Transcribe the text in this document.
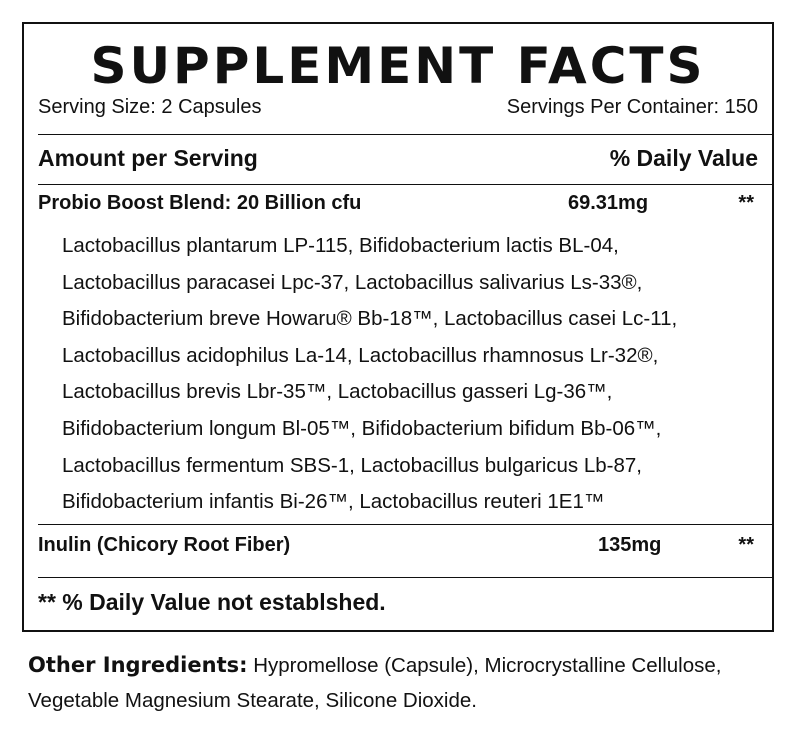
SUPPLEMENT FACTS
Serving Size: 2 Capsules	Servings Per Container: 150
Amount per Serving	% Daily Value
Probio Boost Blend: 20 Billion cfu	69.31mg	**
Lactobacillus plantarum LP-115, Bifidobacterium lactis BL-04,
Lactobacillus paracasei Lpc-37, Lactobacillus salivarius Ls-33®,
Bifidobacterium breve Howaru® Bb-18™, Lactobacillus casei Lc-11,
Lactobacillus acidophilus La-14, Lactobacillus rhamnosus Lr-32®,
Lactobacillus brevis Lbr-35™, Lactobacillus gasseri Lg-36™,
Bifidobacterium longum Bl-05™, Bifidobacterium bifidum Bb-06™,
Lactobacillus fermentum SBS-1, Lactobacillus bulgaricus Lb-87,
Bifidobacterium infantis Bi-26™, Lactobacillus reuteri 1E1™
Inulin (Chicory Root Fiber)	135mg	**
** % Daily Value not establshed.
Other Ingredients: Hypromellose (Capsule), Microcrystalline Cellulose, Vegetable Magnesium Stearate, Silicone Dioxide.
